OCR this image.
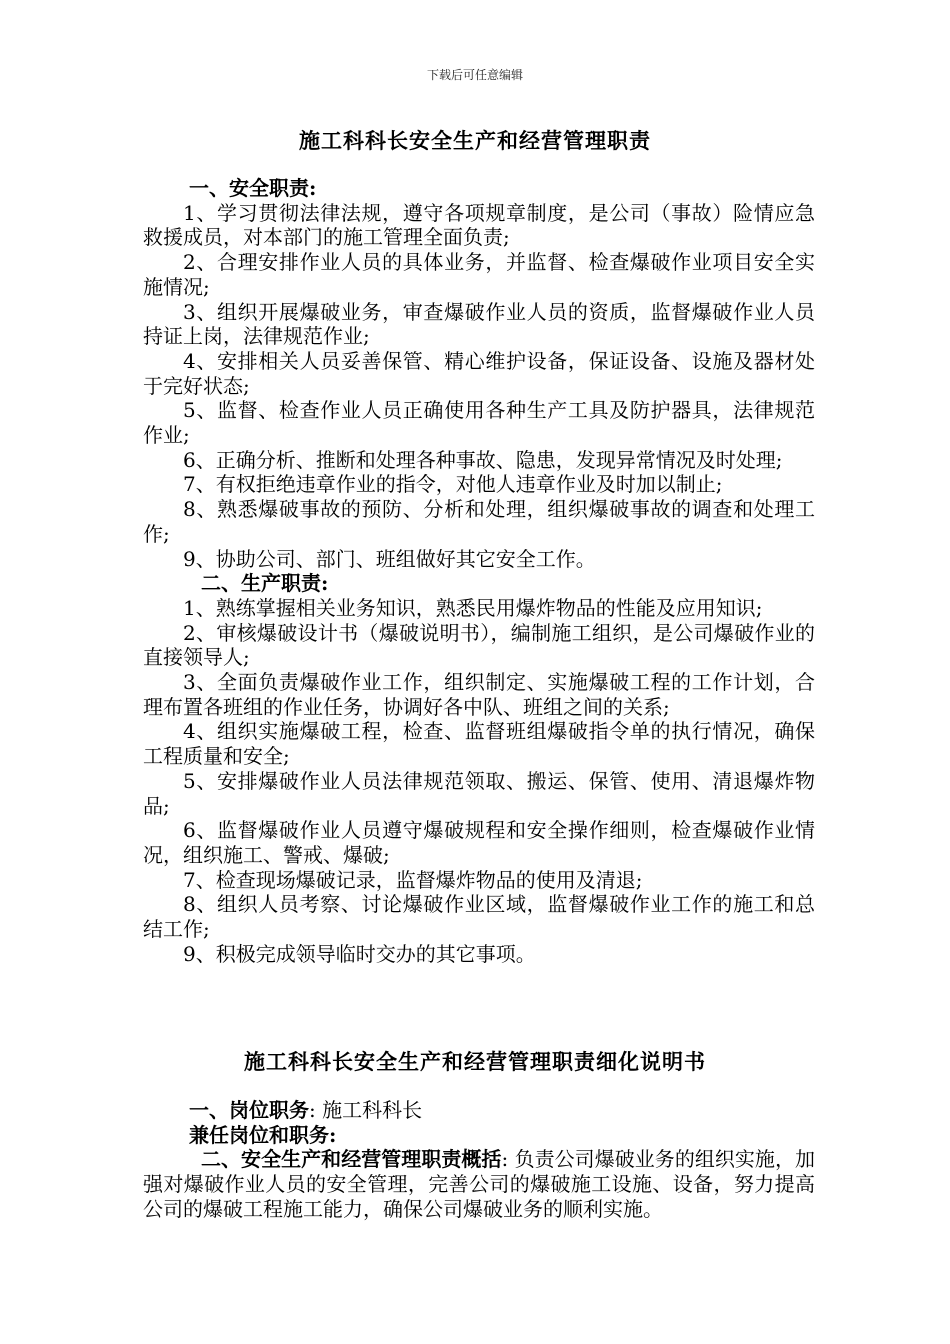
下载后可任意编辑
施工科科长安全生产和经营管理职责

一、安全职责:

1、学习贯彻法律法规，遵守各项规章制度，是公司（事故）险情应急救援成员，对本部门的施工管理全面负责;

2、合理安排作业人员的具体业务，并监督、检查爆破作业项目安全实施情况;

3、组织开展爆破业务，审查爆破作业人员的资质，监督爆破作业人员持证上岗，法律规范作业;

4、安排相关人员妥善保管、精心维护设备，保证设备、设施及器材处于完好状态;

5、监督、检查作业人员正确使用各种生产工具及防护器具，法律规范作业;

6、正确分析、推断和处理各种事故、隐患，发现异常情况及时处理;

7、有权拒绝违章作业的指令，对他人违章作业及时加以制止;

8、熟悉爆破事故的预防、分析和处理，组织爆破事故的调查和处理工作;

9、协助公司、部门、班组做好其它安全工作。

二、生产职责:

1、熟练掌握相关业务知识，熟悉民用爆炸物品的性能及应用知识;

2、审核爆破设计书（爆破说明书），编制施工组织，是公司爆破作业的直接领导人;

3、全面负责爆破作业工作，组织制定、实施爆破工程的工作计划，合理布置各班组的作业任务，协调好各中队、班组之间的关系;

4、组织实施爆破工程，检查、监督班组爆破指令单的执行情况，确保工程质量和安全;

5、安排爆破作业人员法律规范领取、搬运、保管、使用、清退爆炸物品;

6、监督爆破作业人员遵守爆破规程和安全操作细则，检查爆破作业情况，组织施工、警戒、爆破;

7、检查现场爆破记录，监督爆炸物品的使用及清退;

8、组织人员考察、讨论爆破作业区域，监督爆破作业工作的施工和总结工作;

9、积极完成领导临时交办的其它事项。

施工科科长安全生产和经营管理职责细化说明书

一、岗位职务: 施工科科长

兼任岗位和职务:

二、安全生产和经营管理职责概括: 负责公司爆破业务的组织实施，加强对爆破作业人员的安全管理，完善公司的爆破施工设施、设备，努力提高公司的爆破工程施工能力，确保公司爆破业务的顺利实施。
